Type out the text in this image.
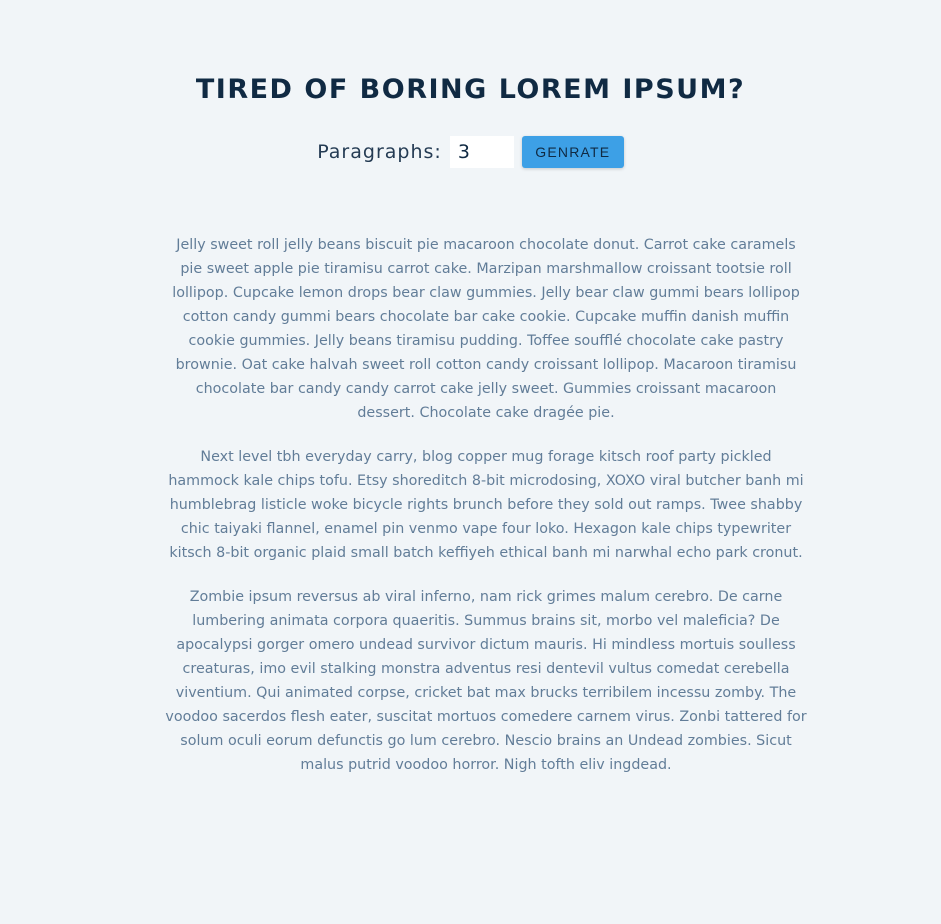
TIRED OF BORING LOREM IPSUM?
Paragraphs:
3	GENRATE

Jelly sweet roll jelly beans biscuit pie macaroon chocolate donut. Carrot cake caramels pie sweet apple pie tiramisu carrot cake. Marzipan marshmallow croissant tootsie roll lollipop. Cupcake lemon drops bear claw gummies. Jelly bear claw gummi bears lollipop cotton candy gummi bears chocolate bar cake cookie. Cupcake muffin danish muffin cookie gummies. Jelly beans tiramisu pudding. Toffee soufflé chocolate cake pastry brownie. Oat cake halvah sweet roll cotton candy croissant lollipop. Macaroon tiramisu chocolate bar candy candy carrot cake jelly sweet. Gummies croissant macaroon dessert. Chocolate cake dragée pie.

Next level tbh everyday carry, blog copper mug forage kitsch roof party pickled hammock kale chips tofu. Etsy shoreditch 8-bit microdosing, XOXO viral butcher banh mi humblebrag listicle woke bicycle rights brunch before they sold out ramps. Twee shabby chic taiyaki flannel, enamel pin venmo vape four loko. Hexagon kale chips typewriter kitsch 8-bit organic plaid small batch keffiyeh ethical banh mi narwhal echo park cronut.

Zombie ipsum reversus ab viral inferno, nam rick grimes malum cerebro. De carne lumbering animata corpora quaeritis. Summus brains sit, morbo vel maleficia? De apocalypsi gorger omero undead survivor dictum mauris. Hi mindless mortuis soulless creaturas, imo evil stalking monstra adventus resi dentevil vultus comedat cerebella viventium. Qui animated corpse, cricket bat max brucks terribilem incessu zomby. The voodoo sacerdos flesh eater, suscitat mortuos comedere carnem virus. Zonbi tattered for solum oculi eorum defunctis go lum cerebro. Nescio brains an Undead zombies. Sicut malus putrid voodoo horror. Nigh tofth eliv ingdead.
